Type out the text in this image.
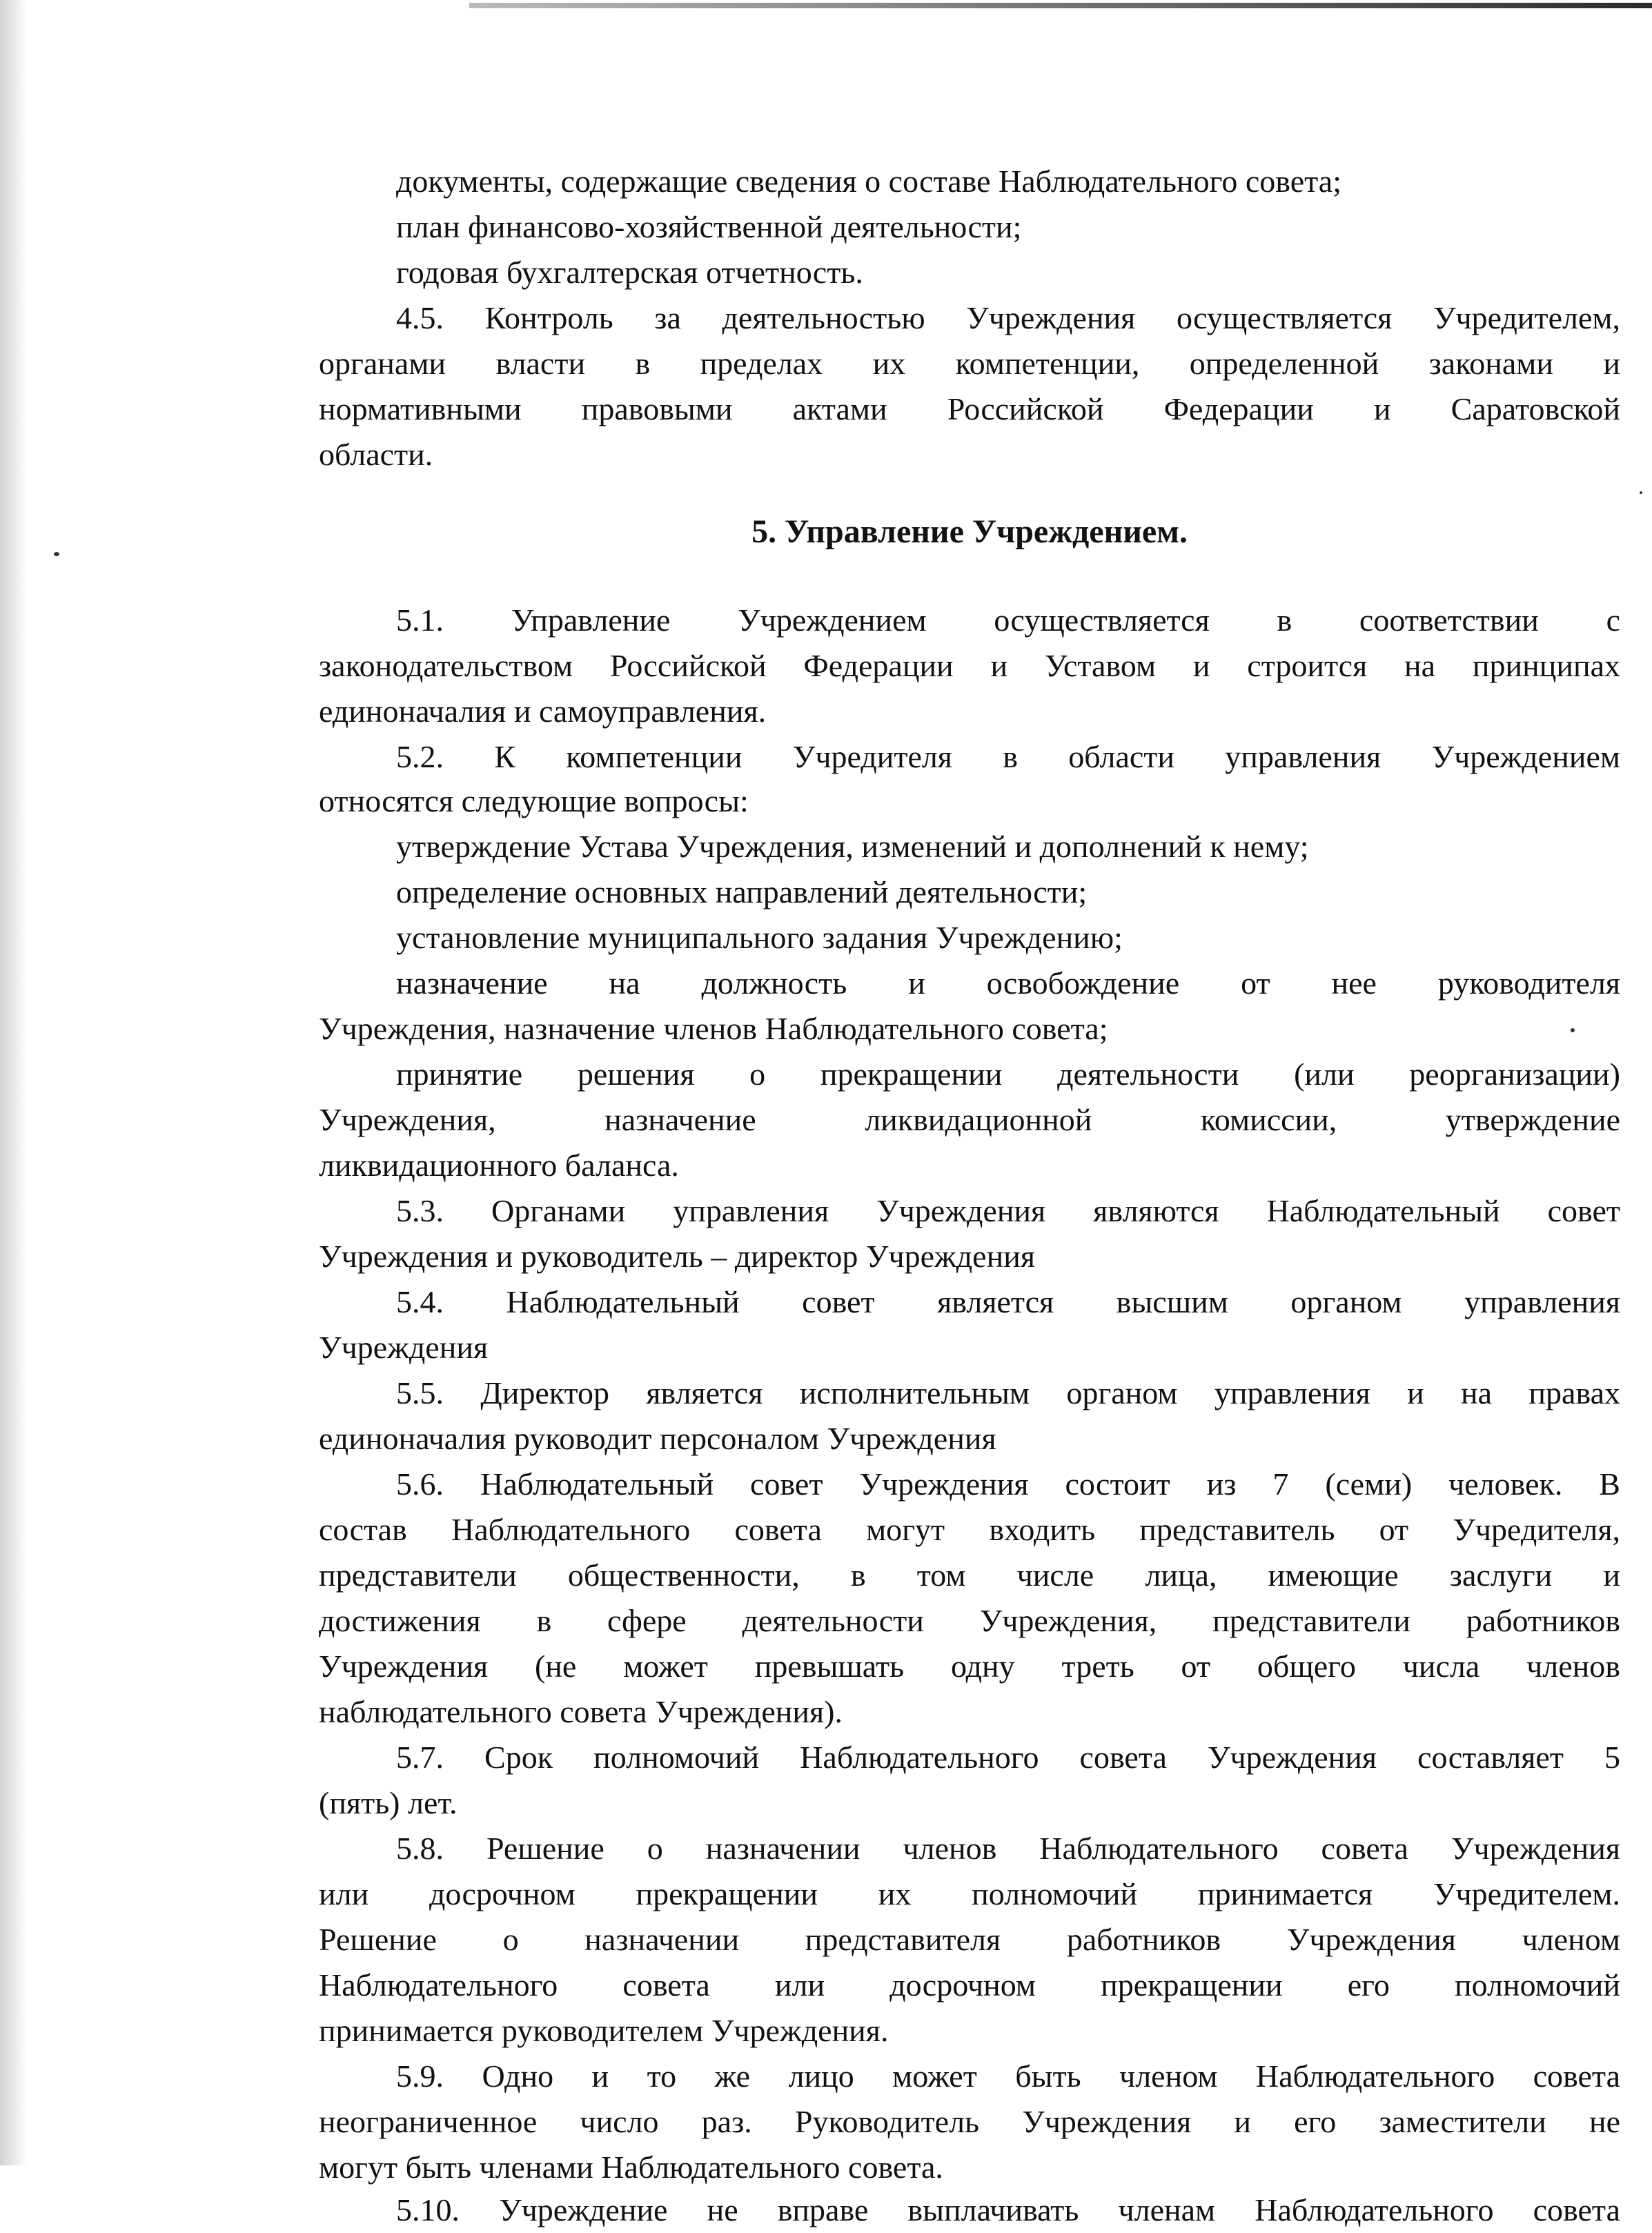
документы, содержащие сведения о составе Наблюдательного совета;
план финансово-хозяйственной деятельности;
годовая бухгалтерская отчетность.
4.5. Контроль за деятельностью Учреждения осуществляется Учредителем,
органами власти в пределах их компетенции, определенной законами и
нормативными правовыми актами Российской Федерации и Саратовской
области.
5. Управление Учреждением.
5.1. Управление Учреждением осуществляется в соответствии с
законодательством Российской Федерации и Уставом и строится на принципах
единоначалия и самоуправления.
5.2. К компетенции Учредителя в области управления Учреждением
относятся следующие вопросы:
утверждение Устава Учреждения, изменений и дополнений к нему;
определение основных направлений деятельности;
установление муниципального задания Учреждению;
назначение на должность и освобождение от нее руководителя
Учреждения, назначение членов Наблюдательного совета;
принятие решения о прекращении деятельности (или реорганизации)
Учреждения, назначение ликвидационной комиссии, утверждение
ликвидационного баланса.
5.3. Органами управления Учреждения являются Наблюдательный совет
Учреждения и руководитель – директор Учреждения
5.4. Наблюдательный совет является высшим органом управления
Учреждения
5.5. Директор является исполнительным органом управления и на правах
единоначалия руководит персоналом Учреждения
5.6. Наблюдательный совет Учреждения состоит из 7 (семи) человек. В
состав Наблюдательного совета могут входить представитель от Учредителя,
представители общественности, в том числе лица, имеющие заслуги и
достижения в сфере деятельности Учреждения, представители работников
Учреждения (не может превышать одну треть от общего числа членов
наблюдательного совета Учреждения).
5.7. Срок полномочий Наблюдательного совета Учреждения составляет 5
(пять) лет.
5.8. Решение о назначении членов Наблюдательного совета Учреждения
или досрочном прекращении их полномочий принимается Учредителем.
Решение о назначении представителя работников Учреждения членом
Наблюдательного совета или досрочном прекращении его полномочий
принимается руководителем Учреждения.
5.9. Одно и то же лицо может быть членом Наблюдательного совета
неограниченное число раз. Руководитель Учреждения и его заместители не
могут быть членами Наблюдательного совета.
5.10. Учреждение не вправе выплачивать членам Наблюдательного совета
